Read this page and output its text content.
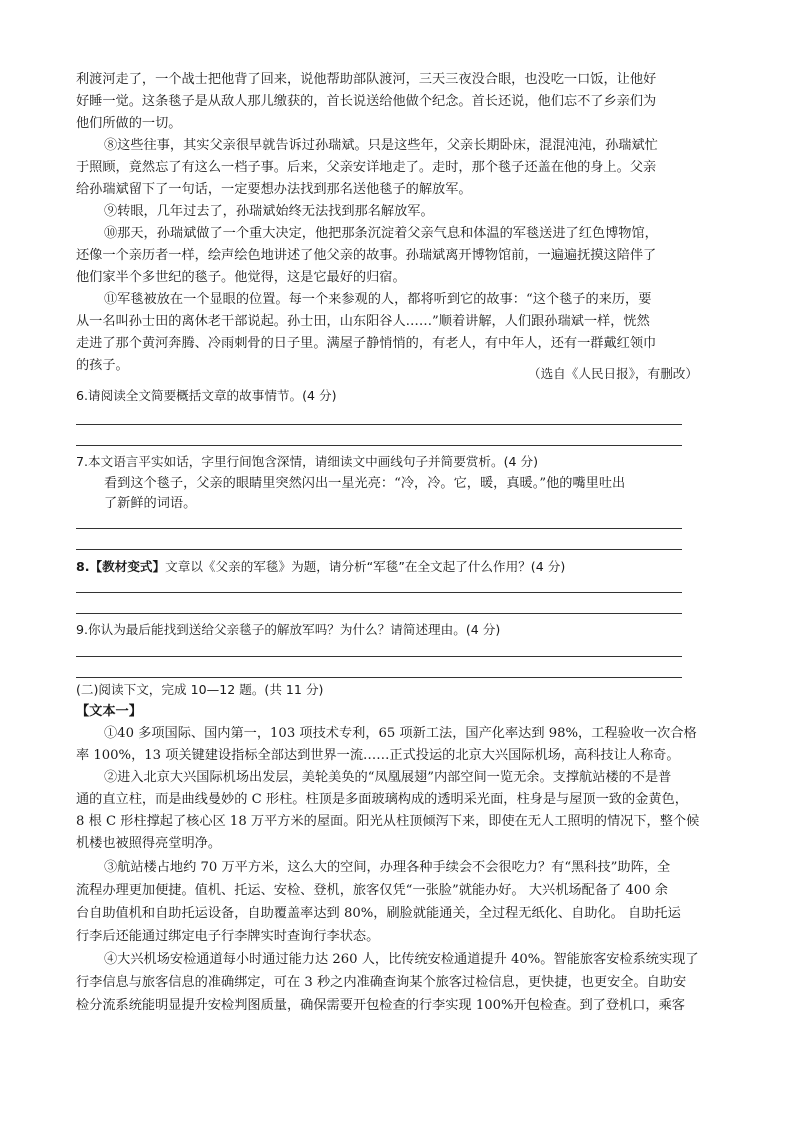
利渡河走了，一个战士把他背了回来，说他帮助部队渡河，三天三夜没合眼，也没吃一口饭，让他好
好睡一觉。这条毯子是从敌人那儿缴获的，首长说送给他做个纪念。首长还说，他们忘不了乡亲们为
他们所做的一切。
⑧这些往事，其实父亲很早就告诉过孙瑞斌。只是这些年，父亲长期卧床，混混沌沌，孙瑞斌忙
于照顾，竟然忘了有这么一档子事。后来，父亲安详地走了。走时，那个毯子还盖在他的身上。父亲
给孙瑞斌留下了一句话，一定要想办法找到那名送他毯子的解放军。
⑨转眼，几年过去了，孙瑞斌始终无法找到那名解放军。
⑩那天，孙瑞斌做了一个重大决定，他把那条沉淀着父亲气息和体温的军毯送进了红色博物馆，
还像一个亲历者一样，绘声绘色地讲述了他父亲的故事。孙瑞斌离开博物馆前，一遍遍抚摸这陪伴了
他们家半个多世纪的毯子。他觉得，这是它最好的归宿。
⑪军毯被放在一个显眼的位置。每一个来参观的人，都将听到它的故事：“这个毯子的来历，要
从一名叫孙士田的离休老干部说起。孙士田，山东阳谷人……”顺着讲解，人们跟孙瑞斌一样，恍然
走进了那个黄河奔腾、冷雨刺骨的日子里。满屋子静悄悄的，有老人，有中年人，还有一群戴红领巾
的孩子。
（选自《人民日报》，有删改）
6.请阅读全文简要概括文章的故事情节。(4 分)
7.本文语言平实如话，字里行间饱含深情，请细读文中画线句子并简要赏析。(4 分)
看到这个毯子，父亲的眼睛里突然闪出一星光亮：“冷，冷。它，暖，真暖。”他的嘴里吐出
了新鲜的词语。
8.【教材变式】文章以《父亲的军毯》为题，请分析“军毯”在全文起了什么作用？(4 分)
9.你认为最后能找到送给父亲毯子的解放军吗？为什么？请简述理由。(4 分)
(二)阅读下文，完成 10—12 题。(共 11 分)
【文本一】
①40 多项国际、国内第一，103 项技术专利，65 项新工法，国产化率达到 98%，工程验收一次合格
率 100%，13 项关键建设指标全部达到世界一流……正式投运的北京大兴国际机场，高科技让人称奇。
②进入北京大兴国际机场出发层，美轮美奂的“凤凰展翅”内部空间一览无余。支撑航站楼的不是普
通的直立柱，而是曲线曼妙的 C 形柱。柱顶是多面玻璃构成的透明采光面，柱身是与屋顶一致的金黄色，
8 根 C 形柱撑起了核心区 18 万平方米的屋面。阳光从柱顶倾泻下来，即使在无人工照明的情况下，整个候
机楼也被照得亮堂明净。
③航站楼占地约 70 万平方米，这么大的空间，办理各种手续会不会很吃力？有“黑科技”助阵，全
流程办理更加便捷。值机、托运、安检、登机，旅客仅凭“一张脸”就能办好。 大兴机场配备了 400 余
台自助值机和自助托运设备，自助覆盖率达到 80%，刷脸就能通关，全过程无纸化、自助化。 自助托运
行李后还能通过绑定电子行李牌实时查询行李状态。
④大兴机场安检通道每小时通过能力达 260 人，比传统安检通道提升 40%。智能旅客安检系统实现了
行李信息与旅客信息的准确绑定，可在 3 秒之内准确查询某个旅客过检信息，更快捷，也更安全。自助安
检分流系统能明显提升安检判图质量，确保需要开包检查的行李实现 100%开包检查。到了登机口，乘客
